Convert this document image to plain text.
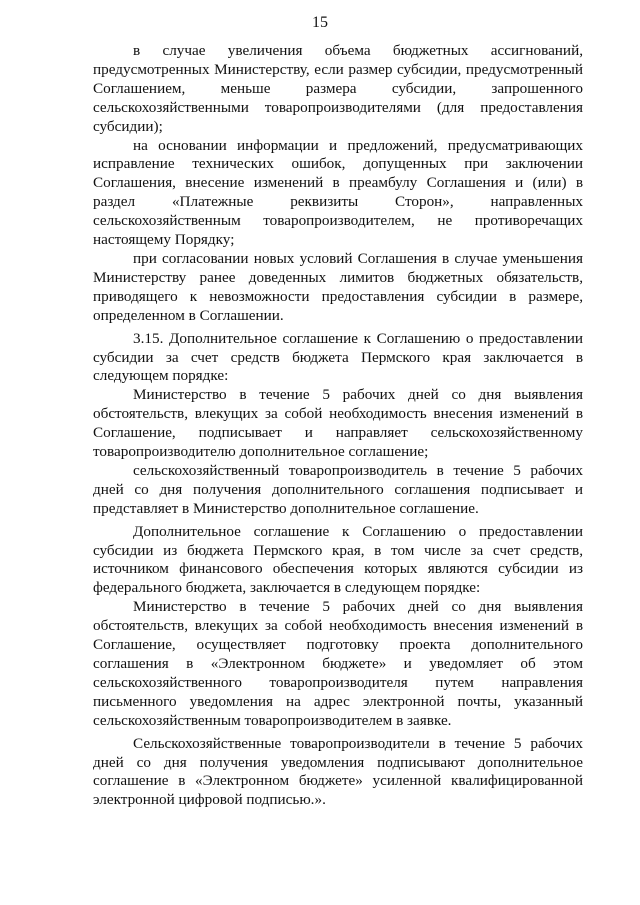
15

в случае увеличения объема бюджетных ассигнований, предусмотренных Министерству, если размер субсидии, предусмотренный Соглашением, меньше размера субсидии, запрошенного сельскохозяйственными товаропроизводителями (для предоставления субсидии);

на основании информации и предложений, предусматривающих исправление технических ошибок, допущенных при заключении Соглашения, внесение изменений в преамбулу Соглашения и (или) в раздел «Платежные реквизиты Сторон», направленных сельскохозяйственным товаропроизводителем, не противоречащих настоящему Порядку;

при согласовании новых условий Соглашения в случае уменьшения Министерству ранее доведенных лимитов бюджетных обязательств, приводящего к невозможности предоставления субсидии в размере, определенном в Соглашении.

3.15. Дополнительное соглашение к Соглашению о предоставлении субсидии за счет средств бюджета Пермского края заключается в следующем порядке:

Министерство в течение 5 рабочих дней со дня выявления обстоятельств, влекущих за собой необходимость внесения изменений в Соглашение, подписывает и направляет сельскохозяйственному товаропроизводителю дополнительное соглашение;

сельскохозяйственный товаропроизводитель в течение 5 рабочих дней со дня получения дополнительного соглашения подписывает и представляет в Министерство дополнительное соглашение.

Дополнительное соглашение к Соглашению о предоставлении субсидии из бюджета Пермского края, в том числе за счет средств, источником финансового обеспечения которых являются субсидии из федерального бюджета, заключается в следующем порядке:

Министерство в течение 5 рабочих дней со дня выявления обстоятельств, влекущих за собой необходимость внесения изменений в Соглашение, осуществляет подготовку проекта дополнительного соглашения в «Электронном бюджете» и уведомляет об этом сельскохозяйственного товаропроизводителя путем направления письменного уведомления на адрес электронной почты, указанный сельскохозяйственным товаропроизводителем в заявке.

Сельскохозяйственные товаропроизводители в течение 5 рабочих дней со дня получения уведомления подписывают дополнительное соглашение в «Электронном бюджете» усиленной квалифицированной электронной цифровой подписью.».
